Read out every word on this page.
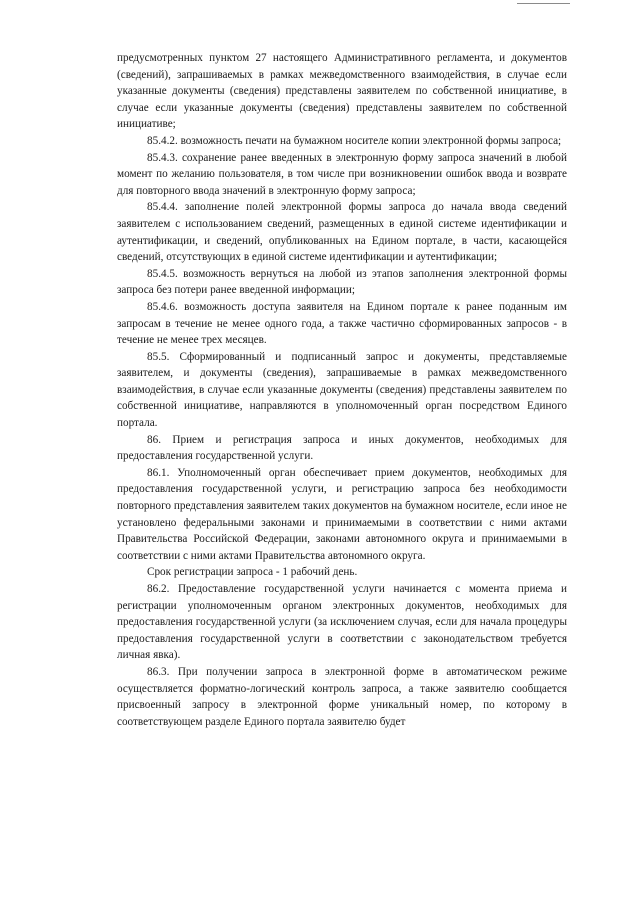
предусмотренных пунктом 27 настоящего Административного регламента, и документов (сведений), запрашиваемых в рамках межведомственного взаимодействия, в случае если указанные документы (сведения) представлены заявителем по собственной инициативе, в случае если указанные документы (сведения) представлены заявителем по собственной инициативе;

85.4.2. возможность печати на бумажном носителе копии электронной формы запроса;

85.4.3. сохранение ранее введенных в электронную форму запроса значений в любой момент по желанию пользователя, в том числе при возникновении ошибок ввода и возврате для повторного ввода значений в электронную форму запроса;

85.4.4. заполнение полей электронной формы запроса до начала ввода сведений заявителем с использованием сведений, размещенных в единой системе идентификации и аутентификации, и сведений, опубликованных на Едином портале, в части, касающейся сведений, отсутствующих в единой системе идентификации и аутентификации;

85.4.5. возможность вернуться на любой из этапов заполнения электронной формы запроса без потери ранее введенной информации;

85.4.6. возможность доступа заявителя на Едином портале к ранее поданным им запросам в течение не менее одного года, а также частично сформированных запросов - в течение не менее трех месяцев.

85.5. Сформированный и подписанный запрос и документы, представляемые заявителем, и документы (сведения), запрашиваемые в рамках межведомственного взаимодействия, в случае если указанные документы (сведения) представлены заявителем по собственной инициативе, направляются в уполномоченный орган посредством Единого портала.

86. Прием и регистрация запроса и иных документов, необходимых для предоставления государственной услуги.

86.1. Уполномоченный орган обеспечивает прием документов, необходимых для предоставления государственной услуги, и регистрацию запроса без необходимости повторного представления заявителем таких документов на бумажном носителе, если иное не установлено федеральными законами и принимаемыми в соответствии с ними актами Правительства Российской Федерации, законами автономного округа и принимаемыми в соответствии с ними актами Правительства автономного округа.

Срок регистрации запроса - 1 рабочий день.

86.2. Предоставление государственной услуги начинается с момента приема и регистрации уполномоченным органом электронных документов, необходимых для предоставления государственной услуги (за исключением случая, если для начала процедуры предоставления государственной услуги в соответствии с законодательством требуется личная явка).

86.3. При получении запроса в электронной форме в автоматическом режиме осуществляется форматно-логический контроль запроса, а также заявителю сообщается присвоенный запросу в электронной форме уникальный номер, по которому в соответствующем разделе Единого портала заявителю будет
